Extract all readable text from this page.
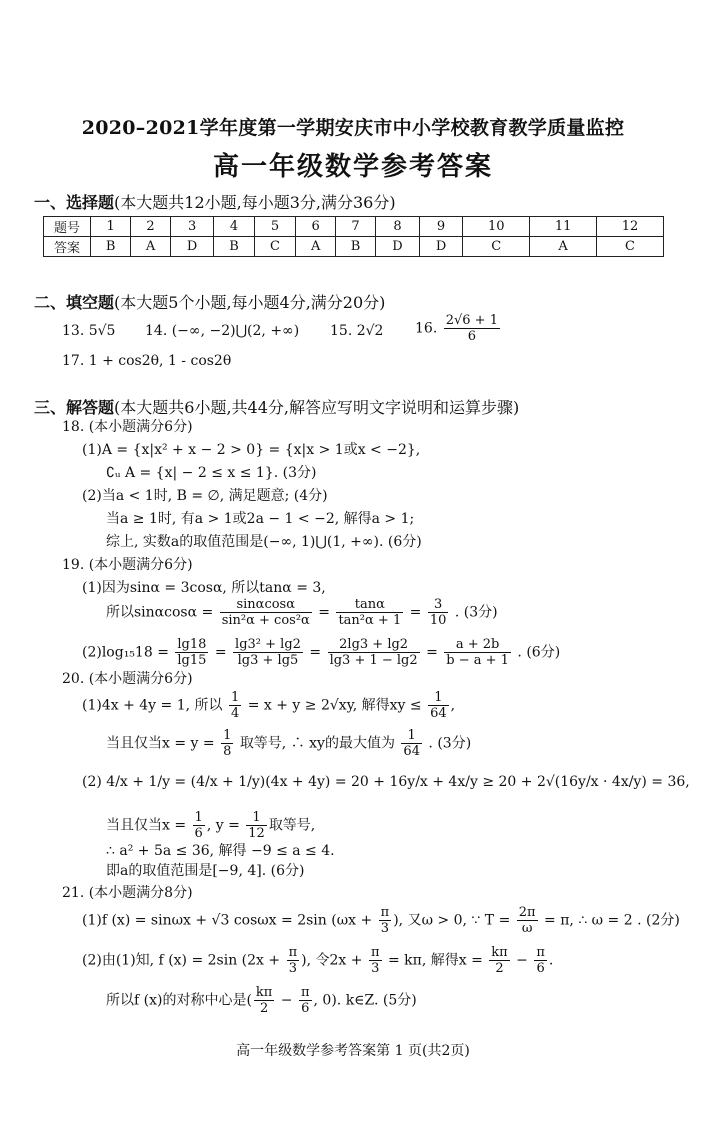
2020–2021学年度第一学期安庆市中小学校教育教学质量监控
高一年级数学参考答案
一、选择题(本大题共12小题,每小题3分,满分36分)
题号	1	2	3	4	5	6	7	8	9	10	11	12
答案	B	A	D	B	C	A	B	D	D	C	A	C
二、填空题(本大题5个小题,每小题4分,满分20分)
13. 5√5 14. (−∞, −2)⋃(2, +∞) 15. 2√2 16. $\frac{2√6 + 1}{6}$
17. 1 + cos2θ, 1 - cos2θ
三、解答题(本大题共6小题,共44分,解答应写明文字说明和运算步骤)
18. (本小题满分6分)
(1)A = {x|x² + x − 2 > 0} = {x|x > 1或x < −2},
∁ᵤ A = {x| − 2 ≤ x ≤ 1}. (3分)
(2)当a < 1时, B = ∅, 满足题意; (4分)
当a ≥ 1时, 有a > 1或2a − 1 < −2, 解得a > 1;
综上, 实数a的取值范围是(−∞, 1)⋃(1, +∞). (6分)
19. (本小题满分6分)
(1)因为sinα = 3cosα, 所以tanα = 3,
所以$\sin\alpha\cos\alpha = \frac{\sin\alpha\cos\alpha}{\text{sin²α + cos²α}} = \frac{\tan\alpha}{\text{tan²α + 1}} = \frac{3}{10}$ . (3分)
$(2)\log_{15}18 = \frac{\lg 18}{\lg 15} = \frac{\text{lg3² + lg2}}{\lg 3 + \lg 5} = \frac{2\lg 3 + \lg 2}{\lg 3 + 1 - \lg 2} = \frac{a + 2b}{b - a + 1}$ . (6分)
20. (本小题满分6分)
(1)4x + 4y = 1, 所以 $\frac{1}{4} = x + y \ge 2√xy$, 解得xy ≤ $\frac{1}{64}$ ,
当且仅当$x = y = \frac{1}{8}$ 取等号, ∴ xy的最大值为 $\frac{1}{64}$ . (3分)
(2) 4/x + 1/y = (4/x + 1/y)(4x + 4y) = 20 + 16y/x + 4x/y ≥ 20 + 2√(16y/x · 4x/y) = 36,
当且仅当$x = \frac{1}{6}$ , $y = \frac{1}{12}$ 取等号,
∴ a² + 5a ≤ 36, 解得 −9 ≤ a ≤ 4.
即a的取值范围是[−9, 4]. (6分)
21. (本小题满分8分)
(1)f (x) = sinωx + √3 cosωx = 2sin ($\omega x + \frac{\pi}{3}$ ), 又ω > 0, ∵ $T = \frac{2\pi}{\omega} = \pi$, ∴ ω = 2 . (2分)
(2)由(1)知, f (x) = 2sin ($2x + \frac{\pi}{3}$ ), 令$2x + \frac{\pi}{3} = k\pi$, 解得$x = \frac{k\pi}{2} - \frac{\pi}{6}$ .
所以f (x)的对称中心是( $\frac{k\pi}{2} - \frac{\pi}{6}$ , 0). k∈Z. (5分)
高一年级数学参考答案第 1 页(共2页)
